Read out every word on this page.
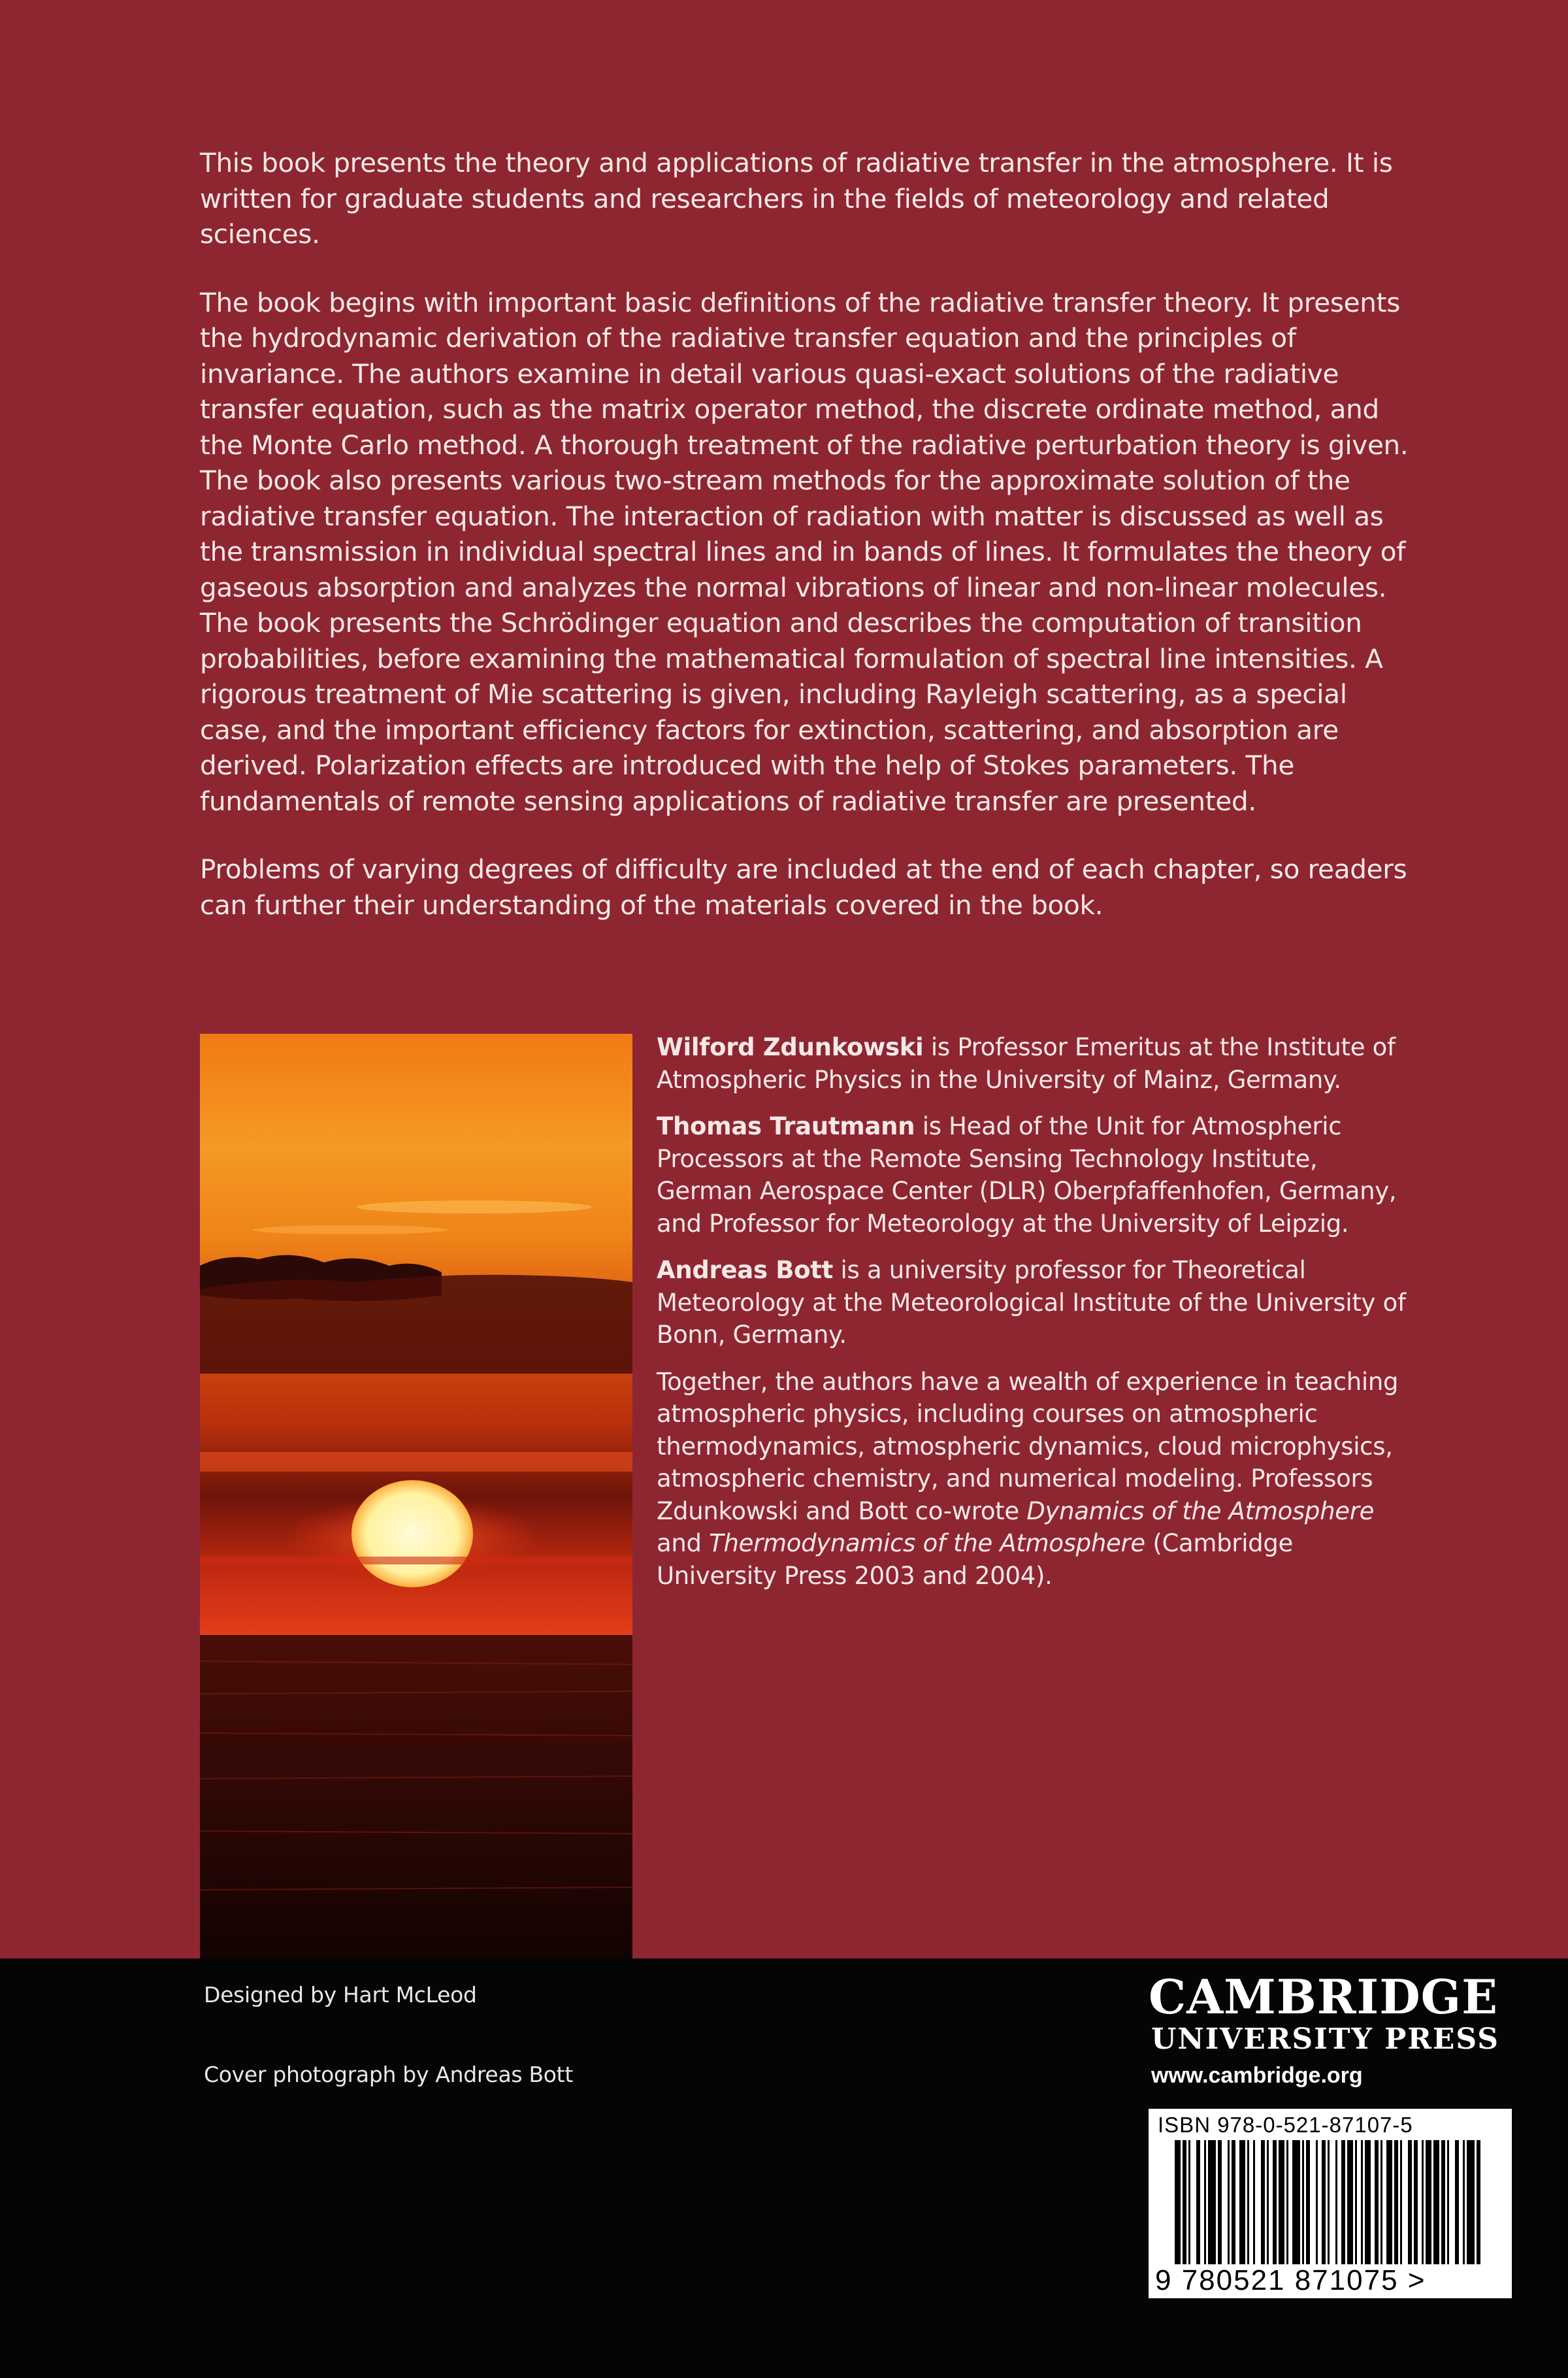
This book presents the theory and applications of radiative transfer in the atmosphere. It is written for graduate students and researchers in the fields of meteorology and related sciences.

The book begins with important basic definitions of the radiative transfer theory. It presents the hydrodynamic derivation of the radiative transfer equation and the principles of invariance. The authors examine in detail various quasi-exact solutions of the radiative transfer equation, such as the matrix operator method, the discrete ordinate method, and the Monte Carlo method. A thorough treatment of the radiative perturbation theory is given. The book also presents various two-stream methods for the approximate solution of the radiative transfer equation. The interaction of radiation with matter is discussed as well as the transmission in individual spectral lines and in bands of lines. It formulates the theory of gaseous absorption and analyzes the normal vibrations of linear and non-linear molecules. The book presents the Schrödinger equation and describes the computation of transition probabilities, before examining the mathematical formulation of spectral line intensities. A rigorous treatment of Mie scattering is given, including Rayleigh scattering, as a special case, and the important efficiency factors for extinction, scattering, and absorption are derived. Polarization effects are introduced with the help of Stokes parameters. The fundamentals of remote sensing applications of radiative transfer are presented.

Problems of varying degrees of difficulty are included at the end of each chapter, so readers can further their understanding of the materials covered in the book.

Wilford Zdunkowski is Professor Emeritus at the Institute of Atmospheric Physics in the University of Mainz, Germany.

Thomas Trautmann is Head of the Unit for Atmospheric Processors at the Remote Sensing Technology Institute, German Aerospace Center (DLR) Oberpfaffenhofen, Germany, and Professor for Meteorology at the University of Leipzig.

Andreas Bott is a university professor for Theoretical Meteorology at the Meteorological Institute of the University of Bonn, Germany.

Together, the authors have a wealth of experience in teaching atmospheric physics, including courses on atmospheric thermodynamics, atmospheric dynamics, cloud microphysics, atmospheric chemistry, and numerical modeling. Professors Zdunkowski and Bott co-wrote Dynamics of the Atmosphere and Thermodynamics of the Atmosphere (Cambridge University Press 2003 and 2004).

Designed by Hart McLeod
Cover photograph by Andreas Bott
CAMBRIDGE
UNIVERSITY PRESS
www.cambridge.org
ISBN 978-0-521-87107-5
9 780521 871075 >
